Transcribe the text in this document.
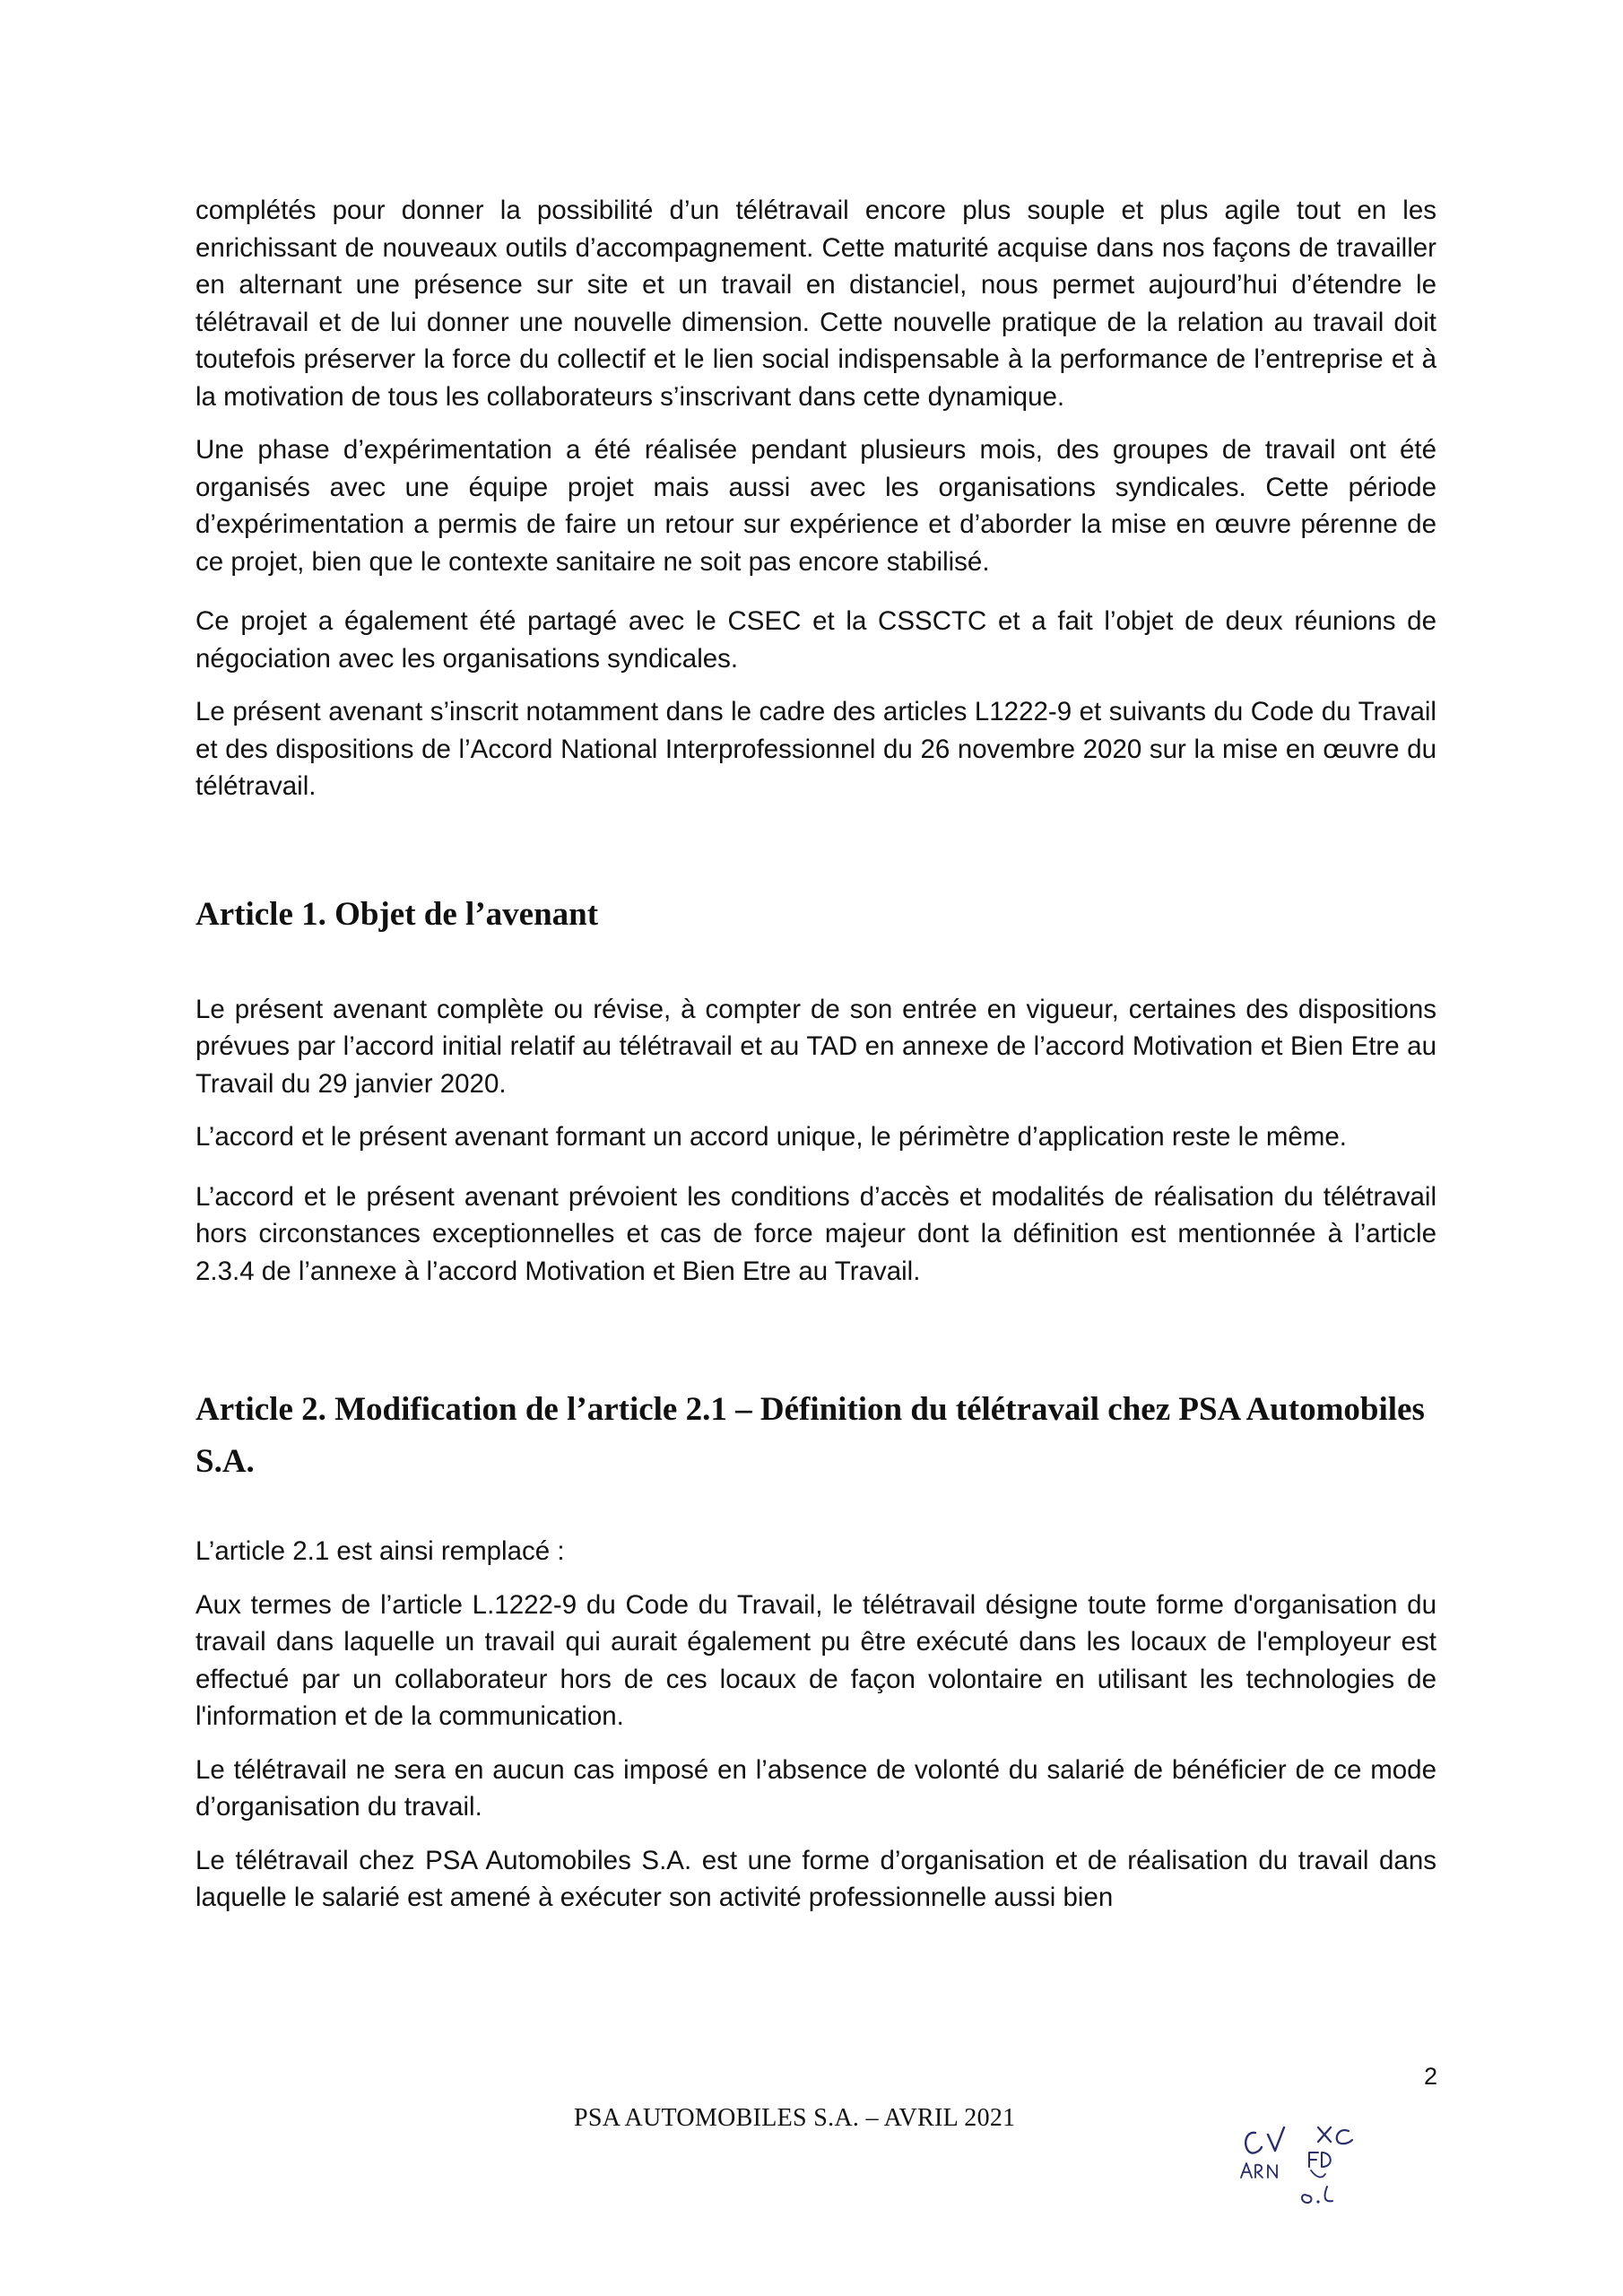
complétés pour donner la possibilité d’un télétravail encore plus souple et plus agile tout en les enrichissant de nouveaux outils d’accompagnement. Cette maturité acquise dans nos façons de travailler en alternant une présence sur site et un travail en distanciel, nous permet aujourd’hui d’étendre le télétravail et de lui donner une nouvelle dimension. Cette nouvelle pratique de la relation au travail doit toutefois préserver la force du collectif et le lien social indispensable à la performance de l’entreprise et à la motivation de tous les collaborateurs s’inscrivant dans cette dynamique.

Une phase d’expérimentation a été réalisée pendant plusieurs mois, des groupes de travail ont été organisés avec une équipe projet mais aussi avec les organisations syndicales. Cette période d’expérimentation a permis de faire un retour sur expérience et d’aborder la mise en œuvre pérenne de ce projet, bien que le contexte sanitaire ne soit pas encore stabilisé.

Ce projet a également été partagé avec le CSEC et la CSSCTC et a fait l’objet de deux réunions de négociation avec les organisations syndicales.

Le présent avenant s’inscrit notamment dans le cadre des articles L1222-9 et suivants du Code du Travail et des dispositions de l’Accord National Interprofessionnel du 26 novembre 2020 sur la mise en œuvre du télétravail.

Article 1. Objet de l’avenant

Le présent avenant complète ou révise, à compter de son entrée en vigueur, certaines des dispositions prévues par l’accord initial relatif au télétravail et au TAD en annexe de l’accord Motivation et Bien Etre au Travail du 29 janvier 2020.

L’accord et le présent avenant formant un accord unique, le périmètre d’application reste le même.

L’accord et le présent avenant prévoient les conditions d’accès et modalités de réalisation du télétravail hors circonstances exceptionnelles et cas de force majeur dont la définition est mentionnée à l’article 2.3.4 de l’annexe à l’accord Motivation et Bien Etre au Travail.

Article 2. Modification de l’article 2.1 – Définition du télétravail chez PSA Automobiles S.A.

L’article 2.1 est ainsi remplacé :

Aux termes de l’article L.1222-9 du Code du Travail, le télétravail désigne toute forme d'organisation du travail dans laquelle un travail qui aurait également pu être exécuté dans les locaux de l'employeur est effectué par un collaborateur hors de ces locaux de façon volontaire en utilisant les technologies de l'information et de la communication.

Le télétravail ne sera en aucun cas imposé en l’absence de volonté du salarié de bénéficier de ce mode d’organisation du travail.

Le télétravail chez PSA Automobiles S.A. est une forme d’organisation et de réalisation du travail dans laquelle le salarié est amené à exécuter son activité professionnelle aussi bien

2
PSA AUTOMOBILES S.A. – AVRIL 2021
